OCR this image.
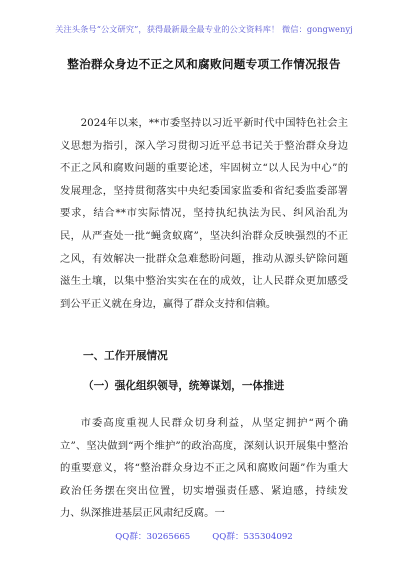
关注头条号“公文研究”，获得最新最全最专业的公文资料库！ 微信：gongwenyj
整治群众身边不正之风和腐败问题专项工作情况报告

2024年以来，**市委坚持以习近平新时代中国特色社会主义思想为指引，深入学习贯彻习近平总书记关于整治群众身边不正之风和腐败问题的重要论述，牢固树立“以人民为中心”的发展理念，坚持贯彻落实中央纪委国家监委和省纪委监委部署要求，结合**市实际情况，坚持执纪执法为民、纠风治乱为民，从严查处一批“蝇贪蚁腐”，坚决纠治群众反映强烈的不正之风，有效解决一批群众急难愁盼问题，推动从源头铲除问题滋生土壤，以集中整治实实在在的成效，让人民群众更加感受到公平正义就在身边，赢得了群众支持和信赖。

一、工作开展情况
（一）强化组织领导，统筹谋划，一体推进

市委高度重视人民群众切身利益，从坚定拥护“两个确立”、坚决做到“两个维护”的政治高度，深刻认识开展集中整治的重要意义，将“整治群众身边不正之风和腐败问题”作为重大政治任务摆在突出位置，切实增强责任感、紧迫感，持续发力、纵深推进基层正风肃纪反腐。一

QQ群：30265665	QQ群：535304092
